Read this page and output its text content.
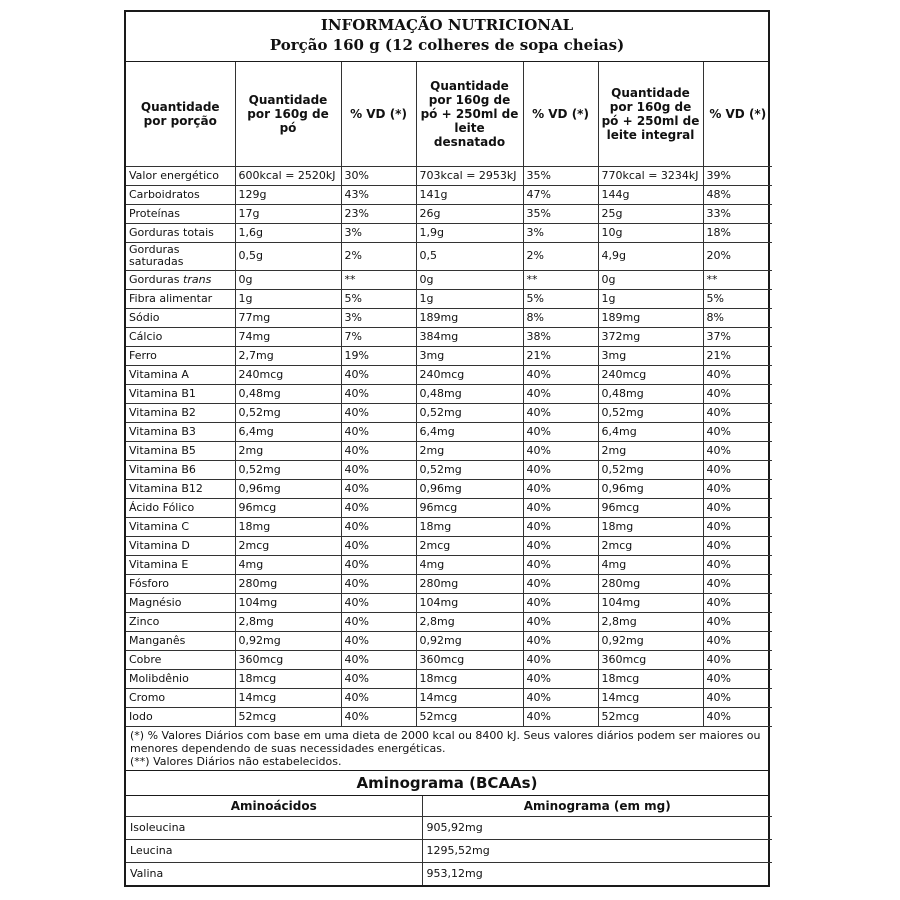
INFORMAÇÃO NUTRICIONAL
Porção 160 g (12 colheres de sopa cheias)
Quantidade por porção	Quantidade por 160g de pó	% VD (*)	Quantidade por 160g de pó + 250ml de leite desnatado	% VD (*)	Quantidade por 160g de pó + 250ml de leite integral	% VD (*)
Valor energético	600kcal = 2520kJ	30%	703kcal = 2953kJ	35%	770kcal = 3234kJ	39%
Carboidratos	129g	43%	141g	47%	144g	48%
Proteínas	17g	23%	26g	35%	25g	33%
Gorduras totais	1,6g	3%	1,9g	3%	10g	18%
Gorduras saturadas	0,5g	2%	0,5	2%	4,9g	20%
Gorduras trans	0g	**	0g	**	0g	**
Fibra alimentar	1g	5%	1g	5%	1g	5%
Sódio	77mg	3%	189mg	8%	189mg	8%
Cálcio	74mg	7%	384mg	38%	372mg	37%
Ferro	2,7mg	19%	3mg	21%	3mg	21%
Vitamina A	240mcg	40%	240mcg	40%	240mcg	40%
Vitamina B1	0,48mg	40%	0,48mg	40%	0,48mg	40%
Vitamina B2	0,52mg	40%	0,52mg	40%	0,52mg	40%
Vitamina B3	6,4mg	40%	6,4mg	40%	6,4mg	40%
Vitamina B5	2mg	40%	2mg	40%	2mg	40%
Vitamina B6	0,52mg	40%	0,52mg	40%	0,52mg	40%
Vitamina B12	0,96mg	40%	0,96mg	40%	0,96mg	40%
Ácido Fólico	96mcg	40%	96mcg	40%	96mcg	40%
Vitamina C	18mg	40%	18mg	40%	18mg	40%
Vitamina D	2mcg	40%	2mcg	40%	2mcg	40%
Vitamina E	4mg	40%	4mg	40%	4mg	40%
Fósforo	280mg	40%	280mg	40%	280mg	40%
Magnésio	104mg	40%	104mg	40%	104mg	40%
Zinco	2,8mg	40%	2,8mg	40%	2,8mg	40%
Manganês	0,92mg	40%	0,92mg	40%	0,92mg	40%
Cobre	360mcg	40%	360mcg	40%	360mcg	40%
Molibdênio	18mcg	40%	18mcg	40%	18mcg	40%
Cromo	14mcg	40%	14mcg	40%	14mcg	40%
Iodo	52mcg	40%	52mcg	40%	52mcg	40%
(*) % Valores Diários com base em uma dieta de 2000 kcal ou 8400 kJ. Seus valores diários podem ser maiores ou menores dependendo de suas necessidades energéticas.
(**) Valores Diários não estabelecidos.
Aminograma (BCAAs)
Aminoácidos	Aminograma (em mg)
Isoleucina	905,92mg
Leucina	1295,52mg
Valina	953,12mg
